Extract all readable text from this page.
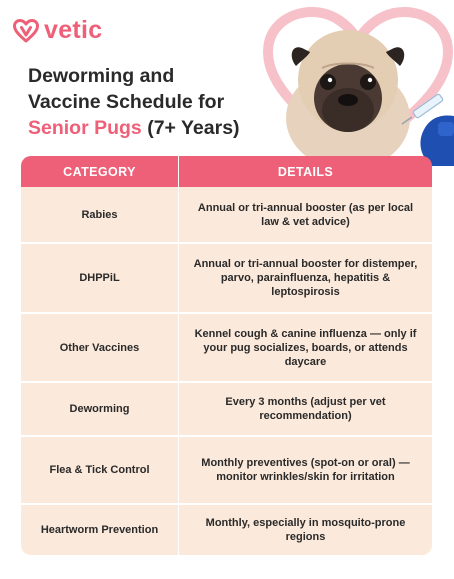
vetic
Deworming and
Vaccine Schedule for
Senior Pugs (7+ Years)
CATEGORY	DETAILS
Rabies
Annual or tri-annual booster (as per local law & vet advice)
DHPPiL
Annual or tri-annual booster for distemper, parvo, parainfluenza, hepatitis & leptospirosis
Other Vaccines
Kennel cough & canine influenza — only if your pug socializes, boards, or attends daycare
Deworming
Every 3 months (adjust per vet recommendation)
Flea & Tick Control
Monthly preventives (spot-on or oral) — monitor wrinkles/skin for irritation
Heartworm Prevention
Monthly, especially in mosquito-prone regions
